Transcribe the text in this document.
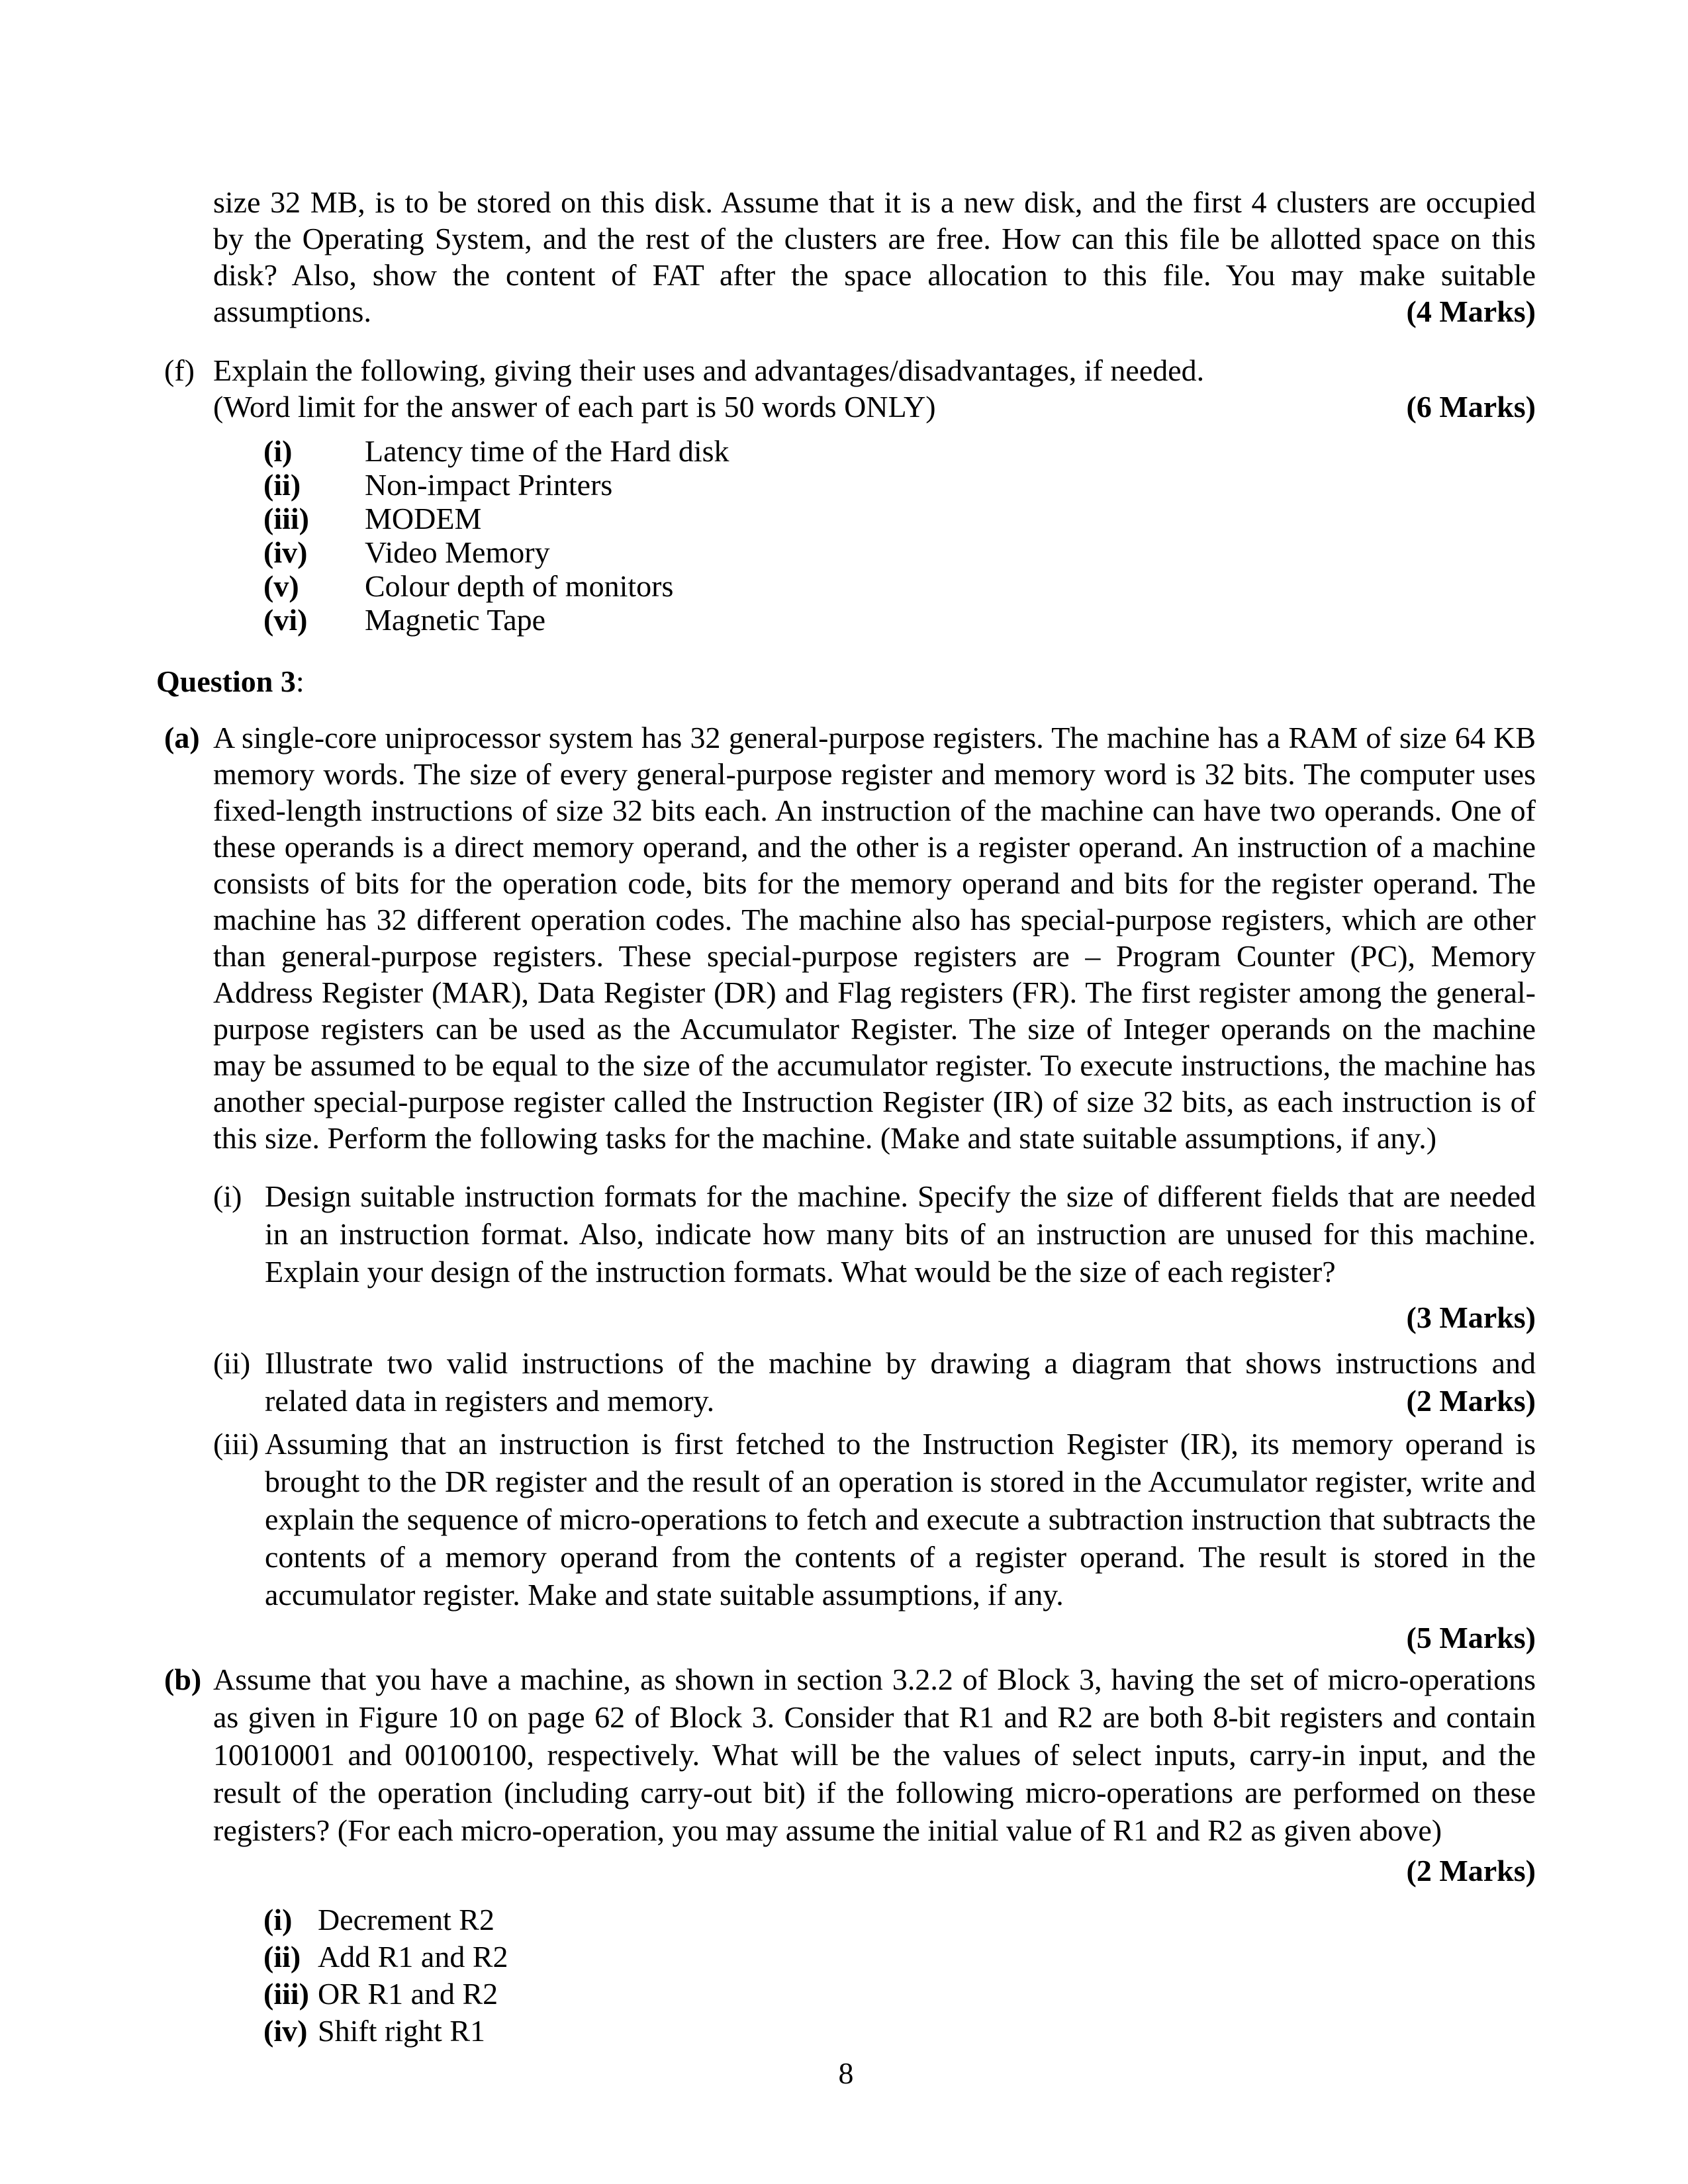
size 32 MB, is to be stored on this disk. Assume that it is a new disk, and the first 4 clusters are occupied
by the Operating System, and the rest of the clusters are free. How can this file be allotted space on this
disk? Also, show the content of FAT after the space allocation to this file. You may make suitable
assumptions.	(4 Marks)
(f) Explain the following, giving their uses and advantages/disadvantages, if needed.
(Word limit for the answer of each part is 50 words ONLY)	(6 Marks)
(i) Latency time of the Hard disk
(ii) Non-impact Printers
(iii) MODEM
(iv) Video Memory
(v) Colour depth of monitors
(vi) Magnetic Tape
Question 3:
(a) A single-core uniprocessor system has 32 general-purpose registers. The machine has a RAM of size 64 KB
memory words. The size of every general-purpose register and memory word is 32 bits. The computer uses
fixed-length instructions of size 32 bits each. An instruction of the machine can have two operands. One of
these operands is a direct memory operand, and the other is a register operand. An instruction of a machine
consists of bits for the operation code, bits for the memory operand and bits for the register operand. The
machine has 32 different operation codes. The machine also has special-purpose registers, which are other
than general-purpose registers. These special-purpose registers are – Program Counter (PC), Memory
Address Register (MAR), Data Register (DR) and Flag registers (FR). The first register among the general-
purpose registers can be used as the Accumulator Register. The size of Integer operands on the machine
may be assumed to be equal to the size of the accumulator register. To execute instructions, the machine has
another special-purpose register called the Instruction Register (IR) of size 32 bits, as each instruction is of
this size. Perform the following tasks for the machine. (Make and state suitable assumptions, if any.)
(i) Design suitable instruction formats for the machine. Specify the size of different fields that are needed
in an instruction format. Also, indicate how many bits of an instruction are unused for this machine.
Explain your design of the instruction formats. What would be the size of each register?
(3 Marks)
(ii) Illustrate two valid instructions of the machine by drawing a diagram that shows instructions and
related data in registers and memory.	(2 Marks)
(iii) Assuming that an instruction is first fetched to the Instruction Register (IR), its memory operand is
brought to the DR register and the result of an operation is stored in the Accumulator register, write and
explain the sequence of micro-operations to fetch and execute a subtraction instruction that subtracts the
contents of a memory operand from the contents of a register operand. The result is stored in the
accumulator register. Make and state suitable assumptions, if any.
(5 Marks)
(b) Assume that you have a machine, as shown in section 3.2.2 of Block 3, having the set of micro-operations
as given in Figure 10 on page 62 of Block 3. Consider that R1 and R2 are both 8-bit registers and contain
10010001 and 00100100, respectively. What will be the values of select inputs, carry-in input, and the
result of the operation (including carry-out bit) if the following micro-operations are performed on these
registers? (For each micro-operation, you may assume the initial value of R1 and R2 as given above)
(2 Marks)
(i) Decrement R2
(ii) Add R1 and R2
(iii) OR R1 and R2
(iv) Shift right R1
8
